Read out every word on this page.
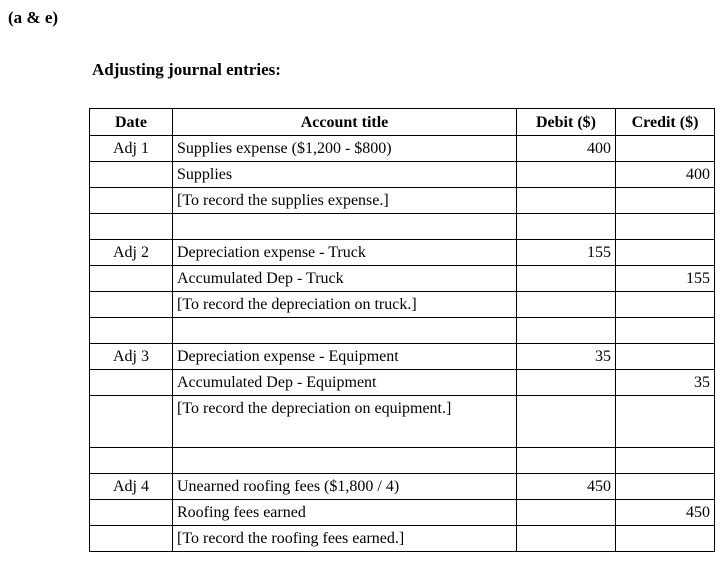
(a & e)
Adjusting journal entries:
Date	Account title	Debit ($)	Credit ($)
Adj 1	Supplies expense ($1,200 - $800)	400	
	Supplies		400
	[To record the supplies expense.]		

Adj 2	Depreciation expense - Truck	155	
	Accumulated Dep - Truck		155
	[To record the depreciation on truck.]		

Adj 3	Depreciation expense - Equipment	35	
	Accumulated Dep - Equipment		35
	[To record the depreciation on equipment.]		

Adj 4	Unearned roofing fees ($1,800 / 4)	450	
	Roofing fees earned		450
	[To record the roofing fees earned.]		
